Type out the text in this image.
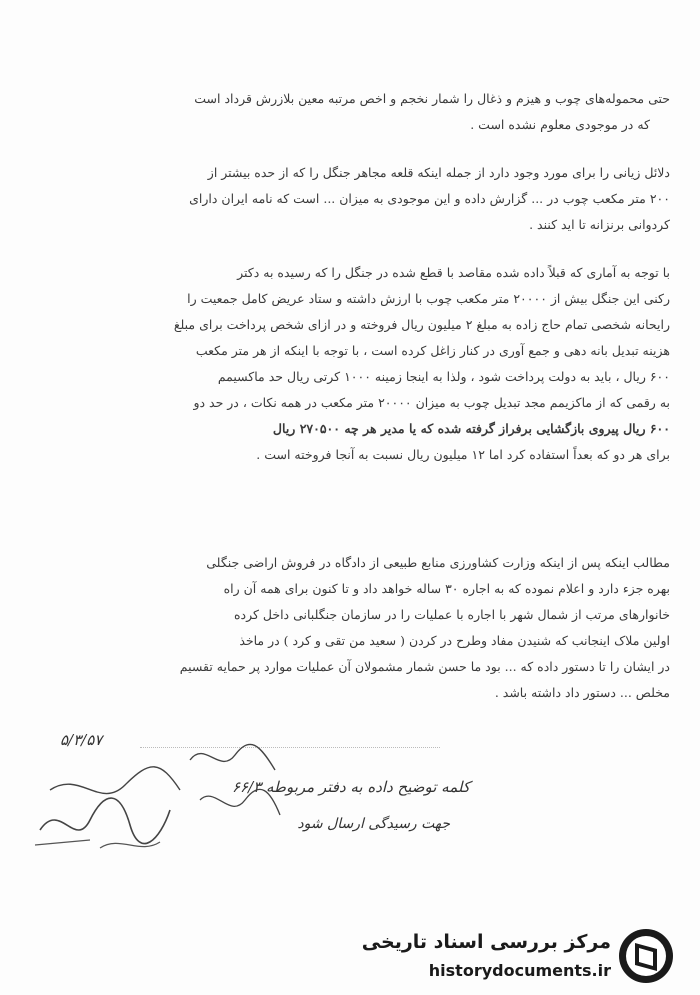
حتی محموله‌های چوب و هیزم و ذغال را شمار نخجم و اخص مرتبه معین بلازرش قرداد است
که در موجودی معلوم نشده است .
دلائل زیانی را برای مورد وجود دارد از جمله اینکه قلعه مجاهر جنگل را که از حده بیشتر از
۲۰۰ متر مکعب چوب در ... گزارش داده و این موجودی به میزان ... است که نامه ایران دارای
کردوانی برنزانه تا اید کنند .
با توجه به آماری که قبلاً داده شده مقاصد با قطع شده در جنگل را که رسیده به دکتر
رکنی این جنگل بیش از ۲۰۰۰۰ متر مکعب چوب با ارزش داشته و ستاد عریض کامل جمعیت را
رایحانه شخصی تمام حاج زاده به مبلغ ۲ میلیون ریال فروخته و در ازای شخص پرداخت برای مبلغ
هزینه تبدیل بانه دهی و جمع آوری در کنار زاغل کرده است ، با توجه با اینکه از هر متر مکعب
۶۰۰ ریال ، باید به دولت پرداخت شود ، ولذا به اینجا زمینه ۱۰۰۰ کرتی ریال حد ماکسیمم
به رقمی که از ماکزیمم مجد تبدیل چوب به میزان ۲۰۰۰۰ متر مکعب در همه نکات ، در حد دو
۶۰۰ ریال پیروی بازگشایی برفراز گرفته شده که یا مدیر هر چه ۲۷۰۵۰۰ ریال
برای هر دو که بعداً استفاده کرد اما ۱۲ میلیون ریال نسبت به آنجا فروخته است .
مطالب اینکه پس از اینکه وزارت کشاورزی منابع طبیعی از دادگاه در فروش اراضی جنگلی
بهره جزء دارد و اعلام نموده که به اجاره ۳۰ ساله خواهد داد و تا کنون برای همه آن راه
خانوارهای مرتب از شمال شهر با اجاره با عملیات را در سازمان جنگلبانی داخل کرده
اولین ملاک اینجانب که شنیدن مفاد وطرح در کردن ( سعید من تقی و کرد ) در ماخذ
در ایشان را تا دستور داده که ... بود ما حسن شمار مشمولان آن عملیات موارد پر حمایه تقسیم
مخلص ... دستور داد داشته باشد .
۵/۳/۵۷
کلمه توضیح داده به دفتر مربوطه ۶۶/۳
جهت رسیدگی ارسال شود
مرکز بررسی اسناد تاریخی
historydocuments.ir
